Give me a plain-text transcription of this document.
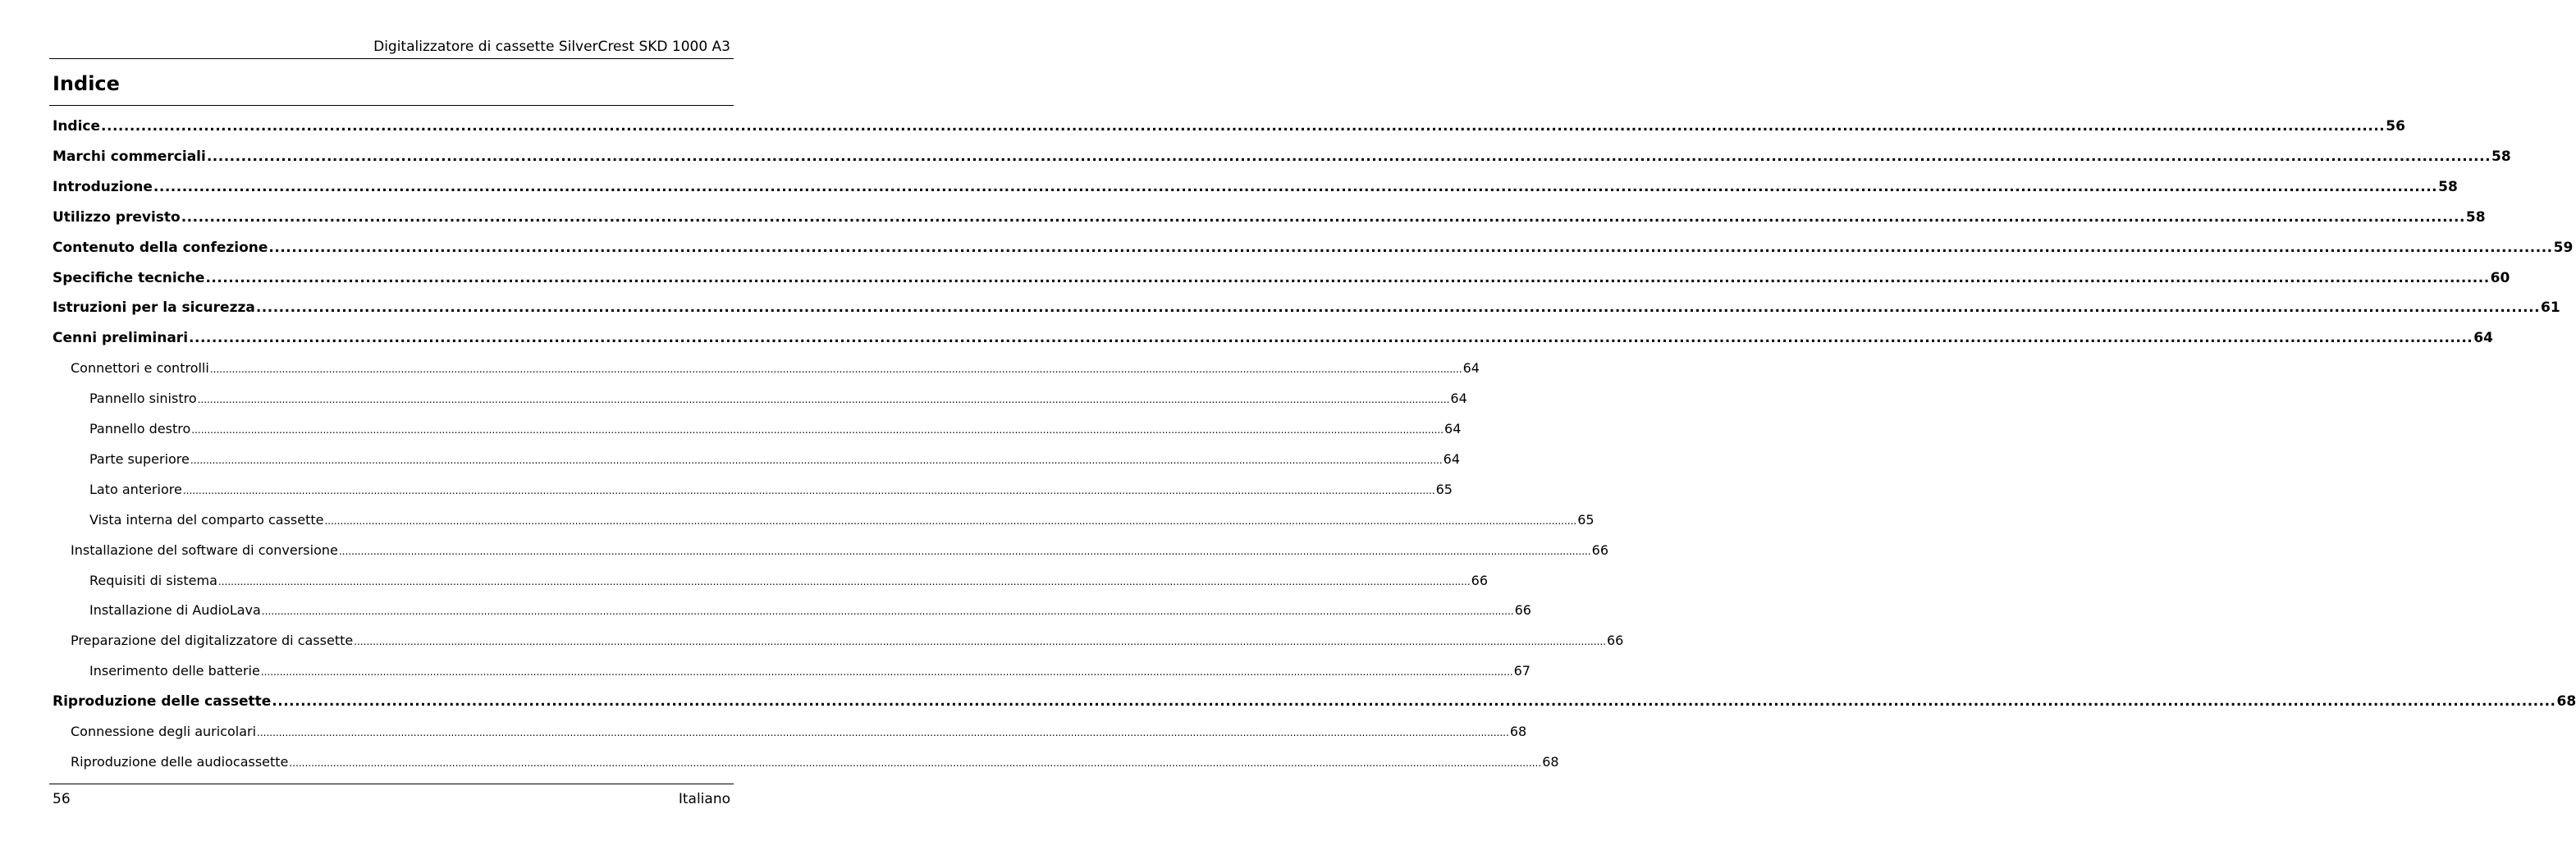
Digitalizzatore di cassette SilverCrest SKD 1000 A3
Indice
Indice ................................................................................................................................................................................................................................................................................................................................................................................................................ 56
Marchi commerciali ................................................................................................................................................................................................................................................................................................................................................................................................................ 58
Introduzione ................................................................................................................................................................................................................................................................................................................................................................................................................ 58
Utilizzo previsto ................................................................................................................................................................................................................................................................................................................................................................................................................ 58
Contenuto della confezione ................................................................................................................................................................................................................................................................................................................................................................................................................ 59
Specifiche tecniche ................................................................................................................................................................................................................................................................................................................................................................................................................ 60
Istruzioni per la sicurezza ................................................................................................................................................................................................................................................................................................................................................................................................................ 61
Cenni preliminari ................................................................................................................................................................................................................................................................................................................................................................................................................ 64
Connettori e controlli ................................................................................................................................................................................................................................................................................................................................................................................................................ 64
Pannello sinistro ................................................................................................................................................................................................................................................................................................................................................................................................................ 64
Pannello destro ................................................................................................................................................................................................................................................................................................................................................................................................................ 64
Parte superiore ................................................................................................................................................................................................................................................................................................................................................................................................................ 64
Lato anteriore ................................................................................................................................................................................................................................................................................................................................................................................................................ 65
Vista interna del comparto cassette ................................................................................................................................................................................................................................................................................................................................................................................................................ 65
Installazione del software di conversione ................................................................................................................................................................................................................................................................................................................................................................................................................ 66
Requisiti di sistema ................................................................................................................................................................................................................................................................................................................................................................................................................ 66
Installazione di AudioLava ................................................................................................................................................................................................................................................................................................................................................................................................................ 66
Preparazione del digitalizzatore di cassette ................................................................................................................................................................................................................................................................................................................................................................................................................ 66
Inserimento delle batterie ................................................................................................................................................................................................................................................................................................................................................................................................................ 67
Riproduzione delle cassette ................................................................................................................................................................................................................................................................................................................................................................................................................ 68
Connessione degli auricolari ................................................................................................................................................................................................................................................................................................................................................................................................................ 68
Riproduzione delle audiocassette ................................................................................................................................................................................................................................................................................................................................................................................................................ 68
56	Italiano
